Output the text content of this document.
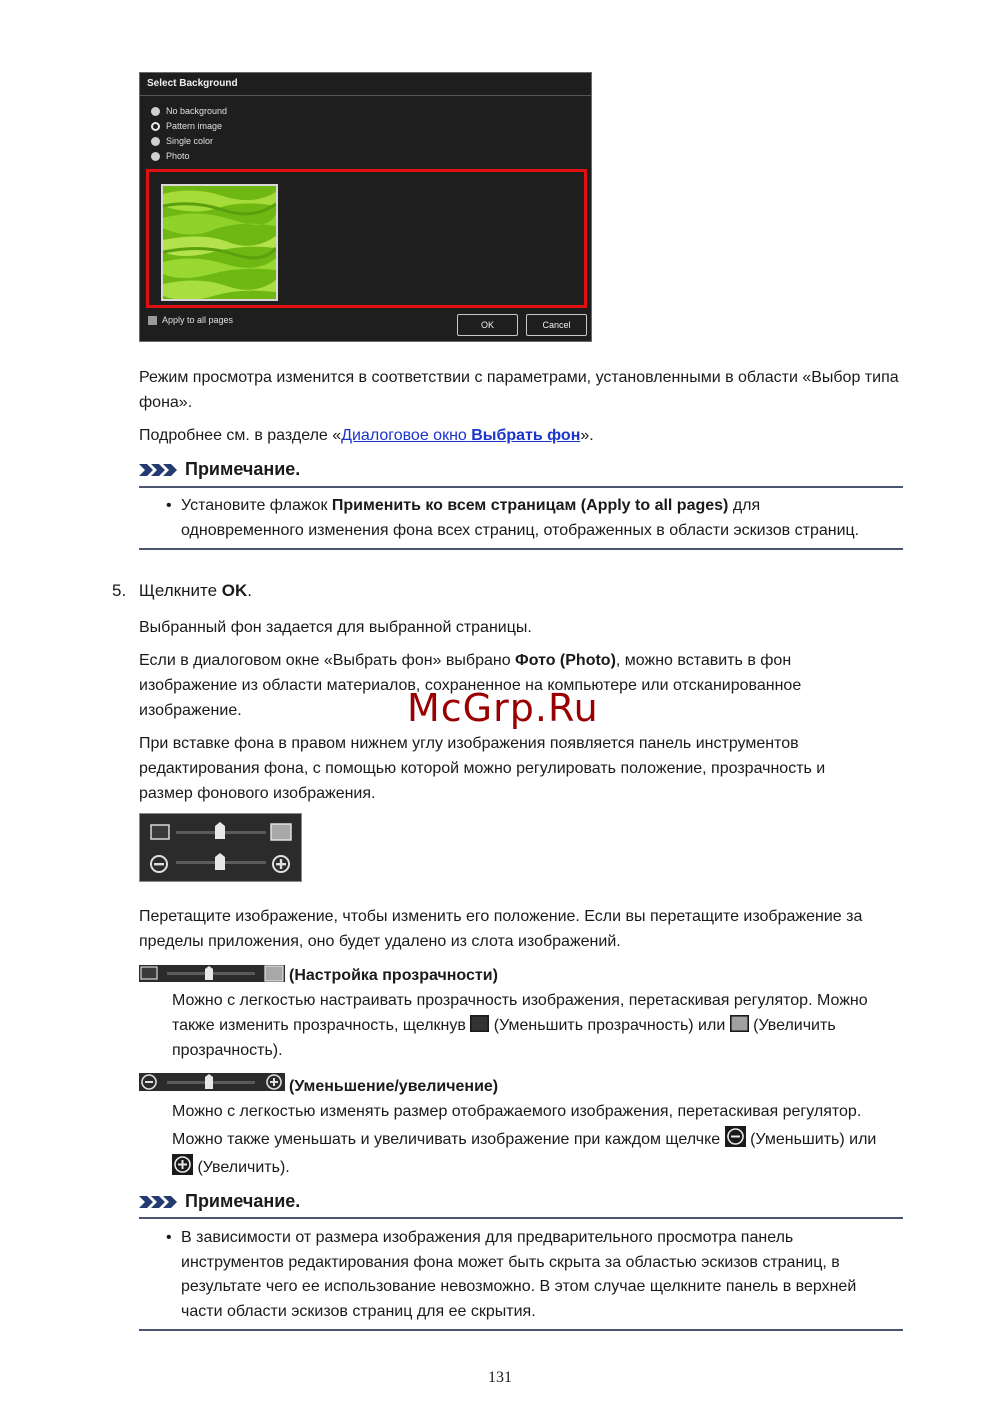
Select Background
No background
Pattern image
Single color
Photo
Apply to all pages	OK	Cancel

Режим просмотра изменится в соответствии с параметрами, установленными в области «Выбор типа фона».

Подробнее см. в разделе «Диалоговое окно Выбрать фон».

Примечание.
• Установите флажок Применить ко всем страницам (Apply to all pages) для

одновременного изменения фона всех страниц, отображенных в области эскизов страниц.

5. Щелкните OK.

Выбранный фон задается для выбранной страницы.

Если в диалоговом окне «Выбрать фон» выбрано Фото (Photo), можно вставить в фон

изображение из области материалов, сохраненное на компьютере или отсканированное

изображение.	McGrp.Ru

При вставке фона в правом нижнем углу изображения появляется панель инструментов

редактирования фона, с помощью которой можно регулировать положение, прозрачность и

размер фонового изображения.

Перетащите изображение, чтобы изменить его положение. Если вы перетащите изображение за

пределы приложения, оно будет удалено из слота изображений.

(Настройка прозрачности)

Можно с легкостью настраивать прозрачность изображения, перетаскивая регулятор. Можно

также изменить прозрачность, щелкнув  (Уменьшить прозрачность) или  (Увеличить

прозрачность).

(Уменьшение/увеличение)

Можно с легкостью изменять размер отображаемого изображения, перетаскивая регулятор.

Можно также уменьшать и увеличивать изображение при каждом щелчке  (Уменьшить) или

(Увеличить).

Примечание.
• В зависимости от размера изображения для предварительного просмотра панель

инструментов редактирования фона может быть скрыта за областью эскизов страниц, в

результате чего ее использование невозможно. В этом случае щелкните панель в верхней

части области эскизов страниц для ее скрытия.

131
